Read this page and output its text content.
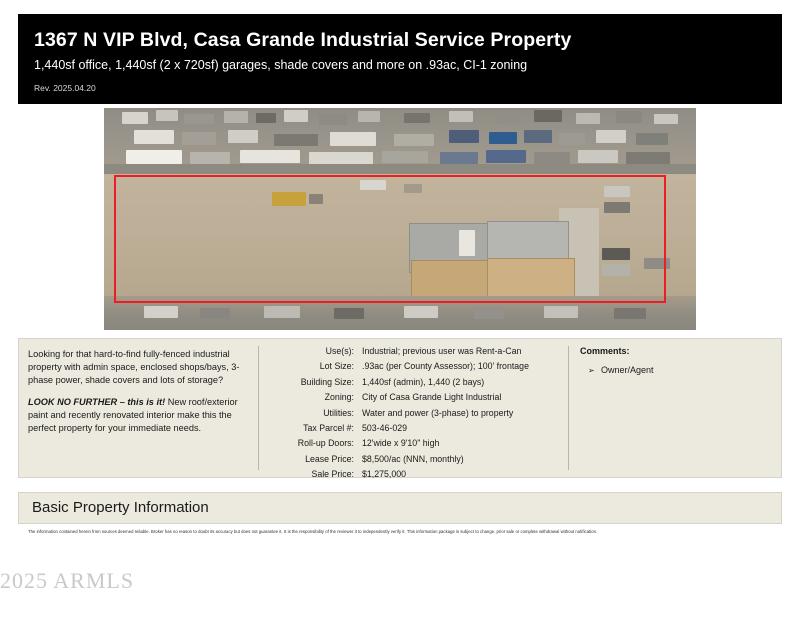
1367 N VIP Blvd, Casa Grande Industrial Service Property
1,440sf office, 1,440sf (2 x 720sf) garages, shade covers and more on .93ac, CI-1 zoning
Rev. 2025.04.20

Looking for that hard-to-find fully-fenced industrial property with admin space, enclosed shops/bays, 3-phase power, shade covers and lots of storage?

LOOK NO FURTHER – this is it! New roof/exterior paint and recently renovated interior make this the perfect property for your immediate needs.

Use(s): Industrial; previous user was Rent-a-Can
Lot Size: .93ac (per County Assessor); 100' frontage
Building Size: 1,440sf (admin), 1,440 (2 bays)
Zoning: City of Casa Grande Light Industrial
Utilities: Water and power (3-phase) to property
Tax Parcel #: 503-46-029
Roll-up Doors: 12'wide x 9'10" high
Lease Price: $8,500/ac (NNN, monthly)
Sale Price: $1,275,000
Comments:
➢ Owner/Agent
Basic Property Information
The information contained herein from sources deemed reliable. Broker has no reason to doubt its accuracy but does not guarantee it. It is the responsibility of the reviewer it to independently verify it. This information package is subject to change, prior sale or complete withdrawal without notification.
2025 ARMLS
